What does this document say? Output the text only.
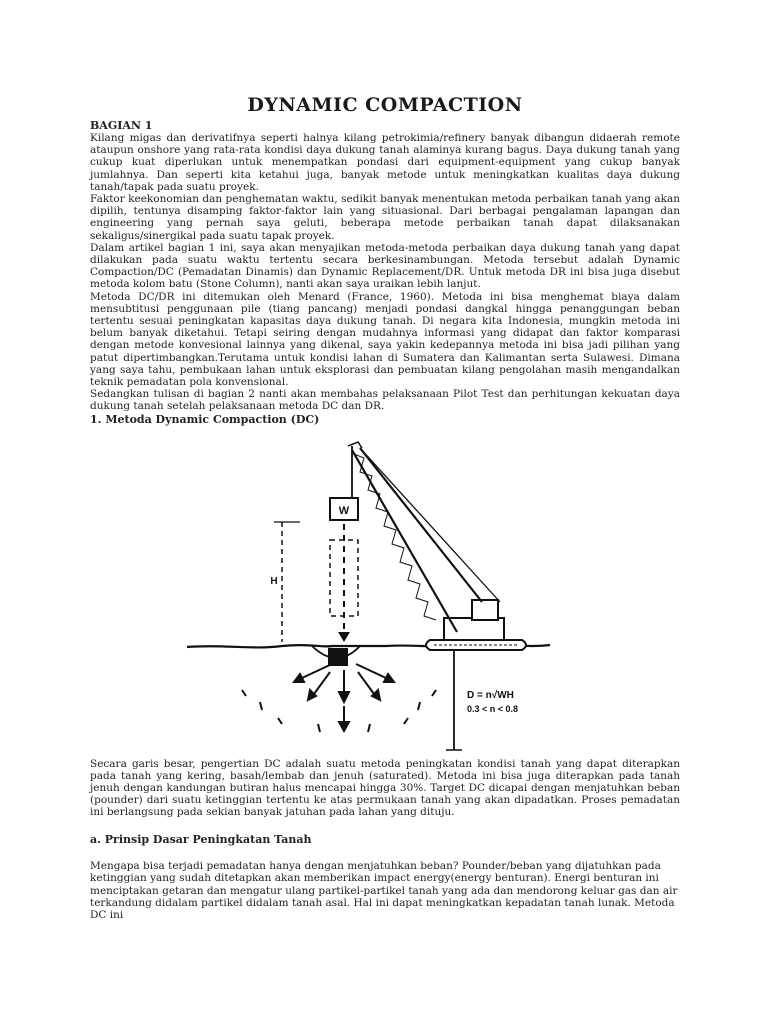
DYNAMIC COMPACTION

BAGIAN 1

Kilang migas dan derivatifnya seperti halnya kilang petrokimia/refinery banyak dibangun didaerah remote ataupun onshore yang rata-rata kondisi daya dukung tanah alaminya kurang bagus. Daya dukung tanah yang cukup kuat diperlukan untuk menempatkan pondasi dari equipment-equipment yang cukup banyak jumlahnya. Dan seperti kita ketahui juga, banyak metode untuk meningkatkan kualitas daya dukung tanah/tapak pada suatu proyek.

Faktor keekonomian dan penghematan waktu, sedikit banyak menentukan metoda perbaikan tanah yang akan dipilih, tentunya disamping faktor-faktor lain yang situasional. Dari berbagai pengalaman lapangan dan engineering yang pernah saya geluti, beberapa metode perbaikan tanah dapat dilaksanakan sekaligus/sinergikal pada suatu tapak proyek.

Dalam artikel bagian 1 ini, saya akan menyajikan metoda-metoda perbaikan daya dukung tanah yang dapat dilakukan pada suatu waktu tertentu secara berkesinambungan. Metoda tersebut adalah Dynamic Compaction/DC (Pemadatan Dinamis) dan Dynamic Replacement/DR. Untuk metoda DR ini bisa juga disebut metoda kolom batu (Stone Column), nanti akan saya uraikan lebih lanjut.

Metoda DC/DR ini ditemukan oleh Menard (France, 1960). Metoda ini bisa menghemat biaya dalam mensubtitusi penggunaan pile (tiang pancang) menjadi pondasi dangkal hingga penanggungan beban tertentu sesuai peningkatan kapasitas daya dukung tanah. Di negara kita Indonesia, mungkin metoda ini belum banyak diketahui. Tetapi seiring dengan mudahnya informasi yang didapat dan faktor komparasi dengan metode konvesional lainnya yang dikenal, saya yakin kedepannya metoda ini bisa jadi pilihan yang patut dipertimbangkan.Terutama untuk kondisi lahan di Sumatera dan Kalimantan serta Sulawesi. Dimana yang saya tahu, pembukaan lahan untuk eksplorasi dan pembuatan kilang pengolahan masih mengandalkan teknik pemadatan pola konvensional.

Sedangkan tulisan di bagian 2 nanti akan membahas pelaksanaan Pilot Test dan perhitungan kekuatan daya dukung tanah setelah pelaksanaan metoda DC dan DR.

1. Metoda Dynamic Compaction (DC)

W
H
D = n√WH
0.3 < n < 0.8

Secara garis besar, pengertian DC adalah suatu metoda peningkatan kondisi tanah yang dapat diterapkan pada tanah yang kering, basah/lembab dan jenuh (saturated). Metoda ini bisa juga diterapkan pada tanah jenuh dengan kandungan butiran halus mencapai hingga 30%. Target DC dicapai dengan menjatuhkan beban (pounder) dari suatu ketinggian tertentu ke atas permukaan tanah yang akan dipadatkan. Proses pemadatan ini berlangsung pada sekian banyak jatuhan pada lahan yang dituju.

a. Prinsip Dasar Peningkatan Tanah

Mengapa bisa terjadi pemadatan hanya dengan menjatuhkan beban? Pounder/beban yang dijatuhkan pada ketinggian yang sudah ditetapkan akan memberikan impact energy(energy benturan). Energi benturan ini menciptakan getaran dan mengatur ulang partikel-partikel tanah yang ada dan mendorong keluar gas dan air terkandung didalam partikel didalam tanah asal. Hal ini dapat meningkatkan kepadatan tanah lunak. Metoda DC ini
